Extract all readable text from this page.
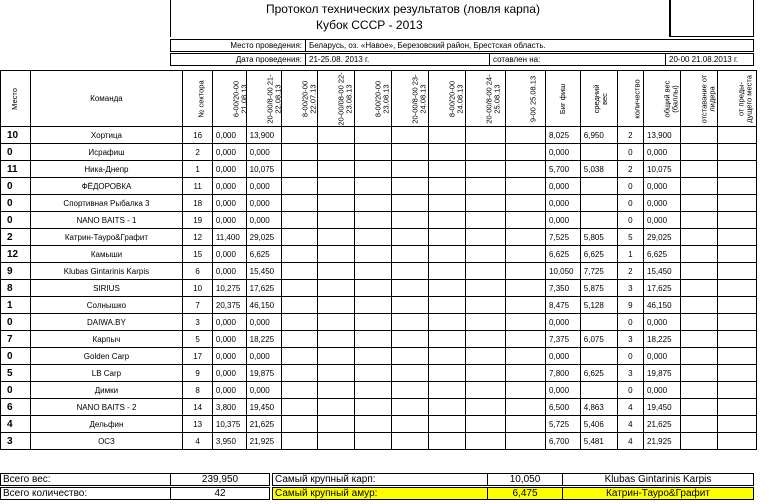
Протокол технических результатов (ловля карпа)
Кубок СССР - 2013
Место проведения: Беларусь, оз. «Навое», Березовский район, Брестская область.
Дата проведения: 21-25.08. 2013 г.	сотавлен на:	20-00 21.08.2013 г.
Место	Команда	№ сектора	6-00/20-00 21.08.13	20-00/8-00 21-22.08.13	8-00/20-00 22.07.13	20-00/08-00 22-23.08.13	8-00/20-00 23.08.13	20-00/8-00 23-24.08.13	8-00/20-00 24.08.13	20-00/8-00 24-25.08.13	9-00 25.08.13	Биг фиш	средний вес	количество	общий вес (баллы)	отставание от лидера	от преды-дущего места
10	Хортица	16	0,000	13,900								8,025	6,950	2	13,900		
0	Исрафиш	2	0,000	0,000								0,000		0	0,000		
11	Ника-Днепр	1	0,000	10,075								5,700	5,038	2	10,075		
0	ФЁДОРОВКА	11	0,000	0,000								0,000		0	0,000		
0	Спортивная Рыбалка 3	18	0,000	0,000								0,000		0	0,000		
0	NANO BAITS - 1	19	0,000	0,000								0,000		0	0,000		
2	Катрин-Тауро&Графит	12	11,400	29,025								7,525	5,805	5	29,025		
12	Камыши	15	0,000	6,625								6,625	6,625	1	6,625		
9	Klubas Gintarinis Karpis	6	0,000	15,450								10,050	7,725	2	15,450		
8	SIRIUS	10	10,275	17,625								7,350	5,875	3	17,625		
1	Солнышко	7	20,375	46,150								8,475	5,128	9	46,150		
0	DAIWA.BY	3	0,000	0,000								0,000		0	0,000		
7	Карпыч	5	0,000	18,225								7,375	6,075	3	18,225		
0	Golden Carp	17	0,000	0,000								0,000		0	0,000		
5	LB Carp	9	0,000	19,875								7,800	6,625	3	19,875		
0	Димки	8	0,000	0,000								0,000		0	0,000		
6	NANO BAITS - 2	14	3,800	19,450								6,500	4,863	4	19,450		
4	Дельфин	13	10,375	21,625								5,725	5,406	4	21,625		
3	ОСЗ	4	3,950	21,925								6,700	5,481	4	21,925		
Всего вес:	239,950
Всего количество:	42
Самый крупный карп:	10,050	Klubas Gintarinis Karpis
Самый крупный амур:	6,475	Катрин-Тауро&Графит
